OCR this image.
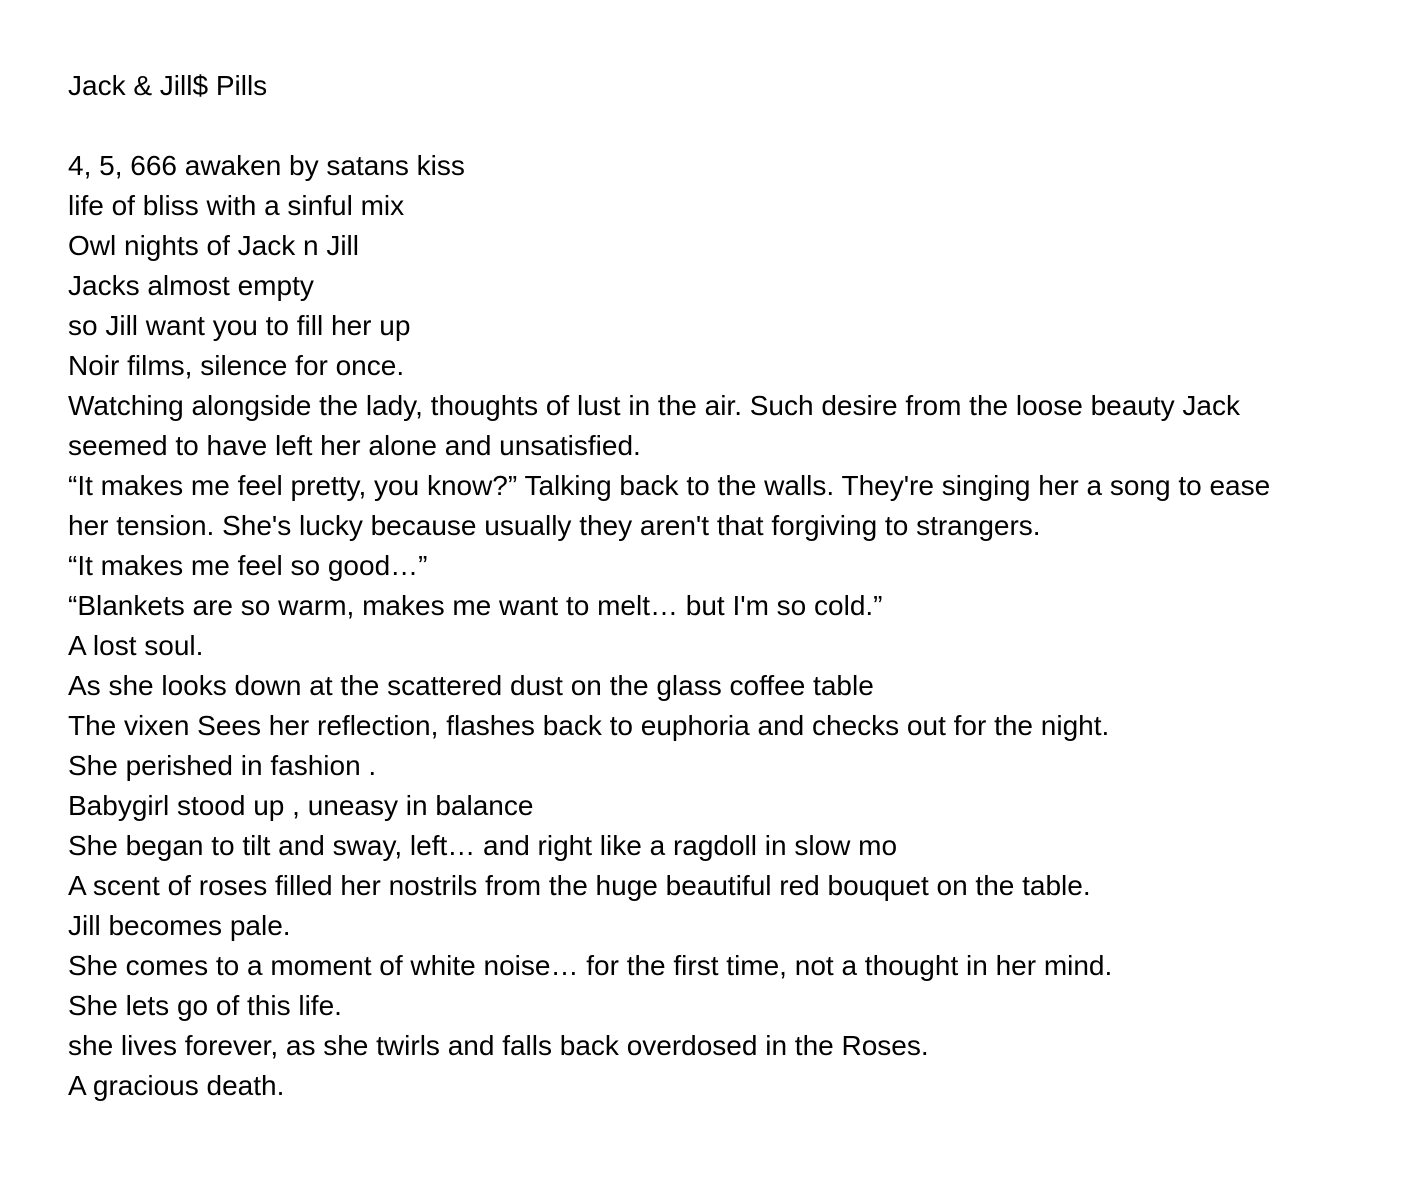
Jack & Jill$ Pills

4, 5, 666 awaken by satans kiss

life of bliss with a sinful mix

Owl nights of Jack n Jill

Jacks almost empty

so Jill want you to fill her up

Noir films, silence for once.

Watching alongside the lady, thoughts of lust in the air. Such desire from the loose beauty Jack seemed to have left her alone and unsatisfied.

“It makes me feel pretty, you know?” Talking back to the walls. They're singing her a song to ease her tension. She's lucky because usually they aren't that forgiving to strangers.

“It makes me feel so good…”

“Blankets are so warm, makes me want to melt… but I'm so cold.”

A lost soul.

As she looks down at the scattered dust on the glass coffee table

The vixen Sees her reflection, flashes back to euphoria and checks out for the night.

She perished in fashion .

Babygirl stood up , uneasy in balance

She began to tilt and sway, left… and right like a ragdoll in slow mo

A scent of roses filled her nostrils from the huge beautiful red bouquet on the table.

Jill becomes pale.

She comes to a moment of white noise… for the first time, not a thought in her mind.

She lets go of this life.

she lives forever, as she twirls and falls back overdosed in the Roses.

A gracious death.
